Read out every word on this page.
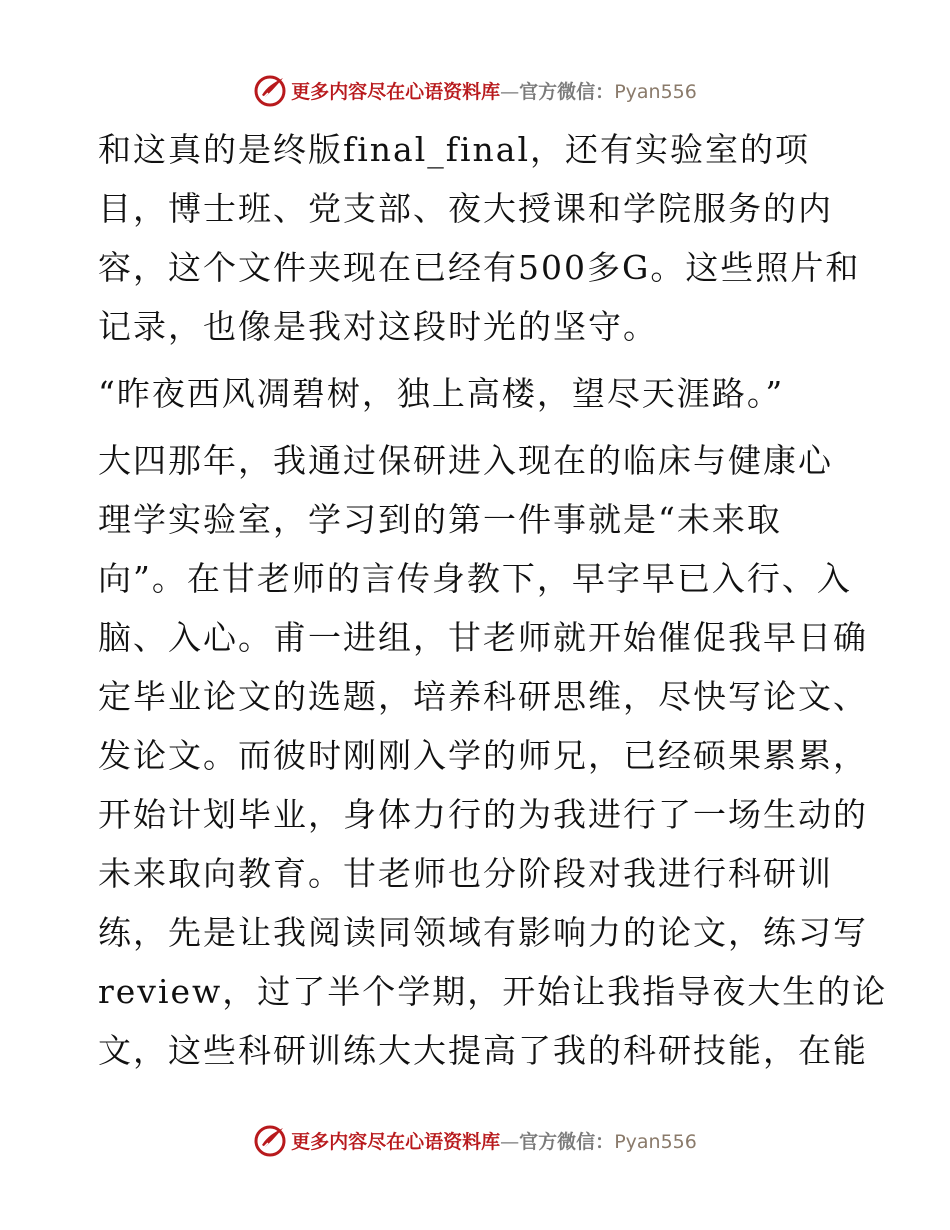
更多内容尽在心语资料库—官方微信：Pyan556

和这真的是终版final_final，还有实验室的项
目，博士班、党支部、夜大授课和学院服务的内
容，这个文件夹现在已经有500多G。这些照片和
记录，也像是我对这段时光的坚守。

“昨夜西风凋碧树，独上高楼，望尽天涯路。”

大四那年，我通过保研进入现在的临床与健康心
理学实验室，学习到的第一件事就是“未来取
向”。在甘老师的言传身教下，早字早已入行、入
脑、入心。甫一进组，甘老师就开始催促我早日确
定毕业论文的选题，培养科研思维，尽快写论文、
发论文。而彼时刚刚入学的师兄，已经硕果累累，
开始计划毕业，身体力行的为我进行了一场生动的
未来取向教育。甘老师也分阶段对我进行科研训
练，先是让我阅读同领域有影响力的论文，练习写
review，过了半个学期，开始让我指导夜大生的论
文，这些科研训练大大提高了我的科研技能，在能

更多内容尽在心语资料库—官方微信：Pyan556
